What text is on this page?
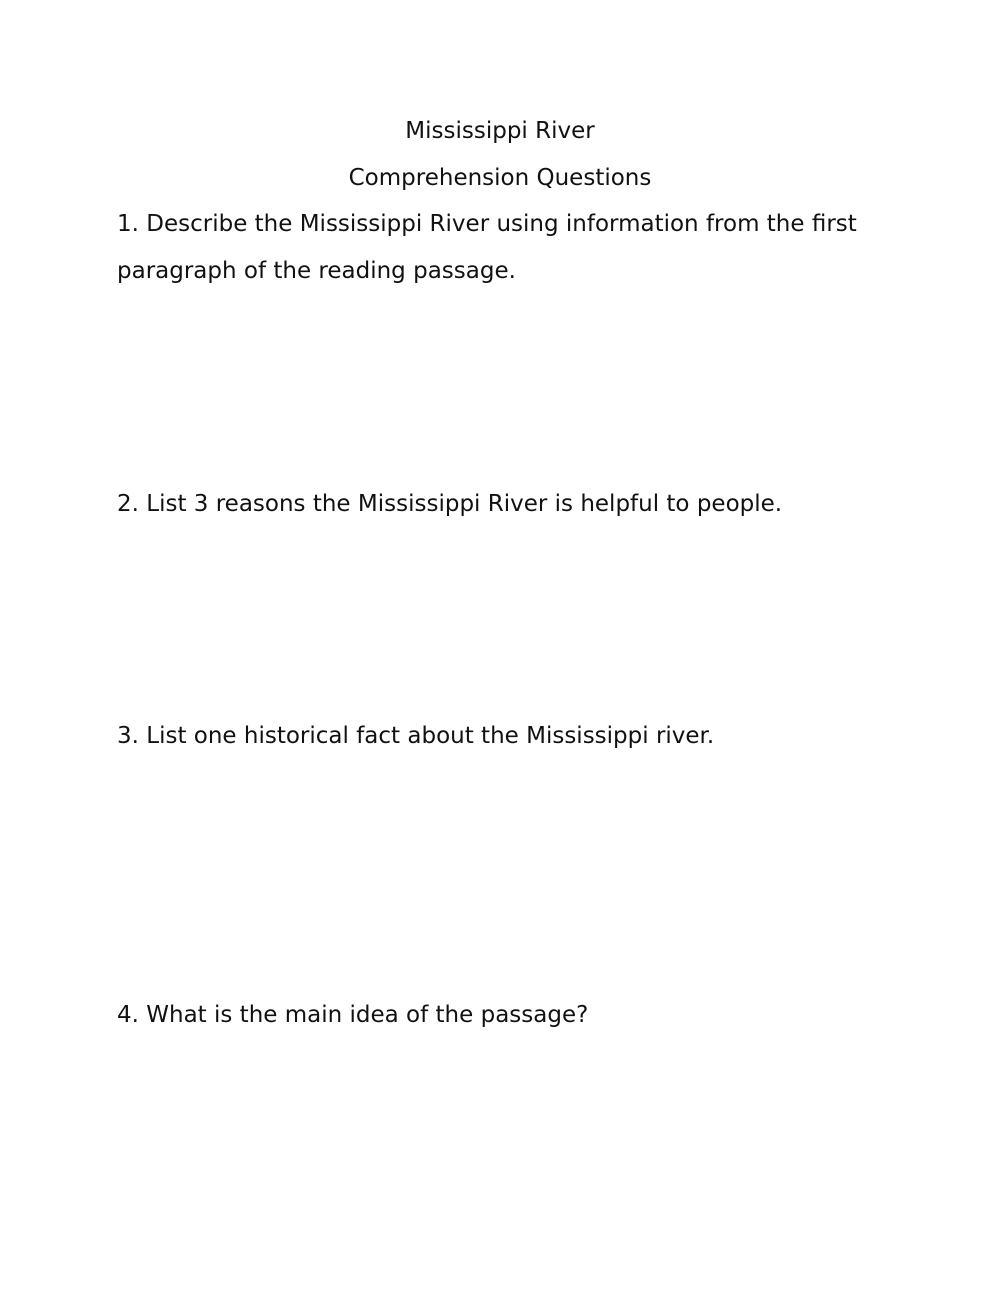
Mississippi River
Comprehension Questions
1. Describe the Mississippi River using information from the first paragraph of the reading passage.
2. List 3 reasons the Mississippi River is helpful to people.
3. List one historical fact about the Mississippi river.
4. What is the main idea of the passage?
